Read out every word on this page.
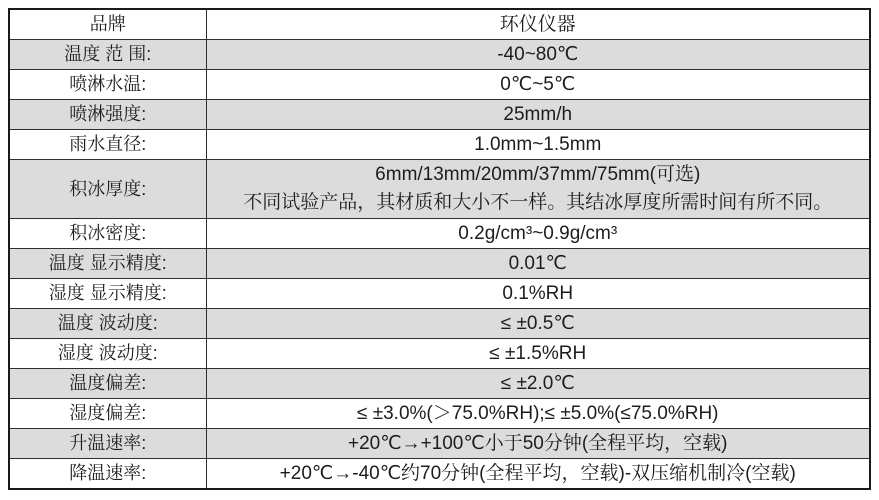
品牌	环仪仪器
温度 范 围:	-40~80℃
喷淋水温:	0℃~5℃
喷淋强度:	25mm/h
雨水直径:	1.0mm~1.5mm
积冰厚度:	6mm/13mm/20mm/37mm/75mm(可选)
不同试验产品，其材质和大小不一样。其结冰厚度所需时间有所不同。

积冰密度:	0.2g/cm³~0.9g/cm³
温度 显示精度:	0.01℃
湿度 显示精度:	0.1%RH
温度 波动度:	≤ ±0.5℃
湿度 波动度:	≤ ±1.5%RH
温度偏差:	≤ ±2.0℃
湿度偏差:	≤ ±3.0%(＞75.0%RH);≤ ±5.0%(≤75.0%RH)
升温速率:	+20℃→+100℃小于50分钟(全程平均，空载)
降温速率:	+20℃→-40℃约70分钟(全程平均，空载)-双压缩机制冷(空载)
